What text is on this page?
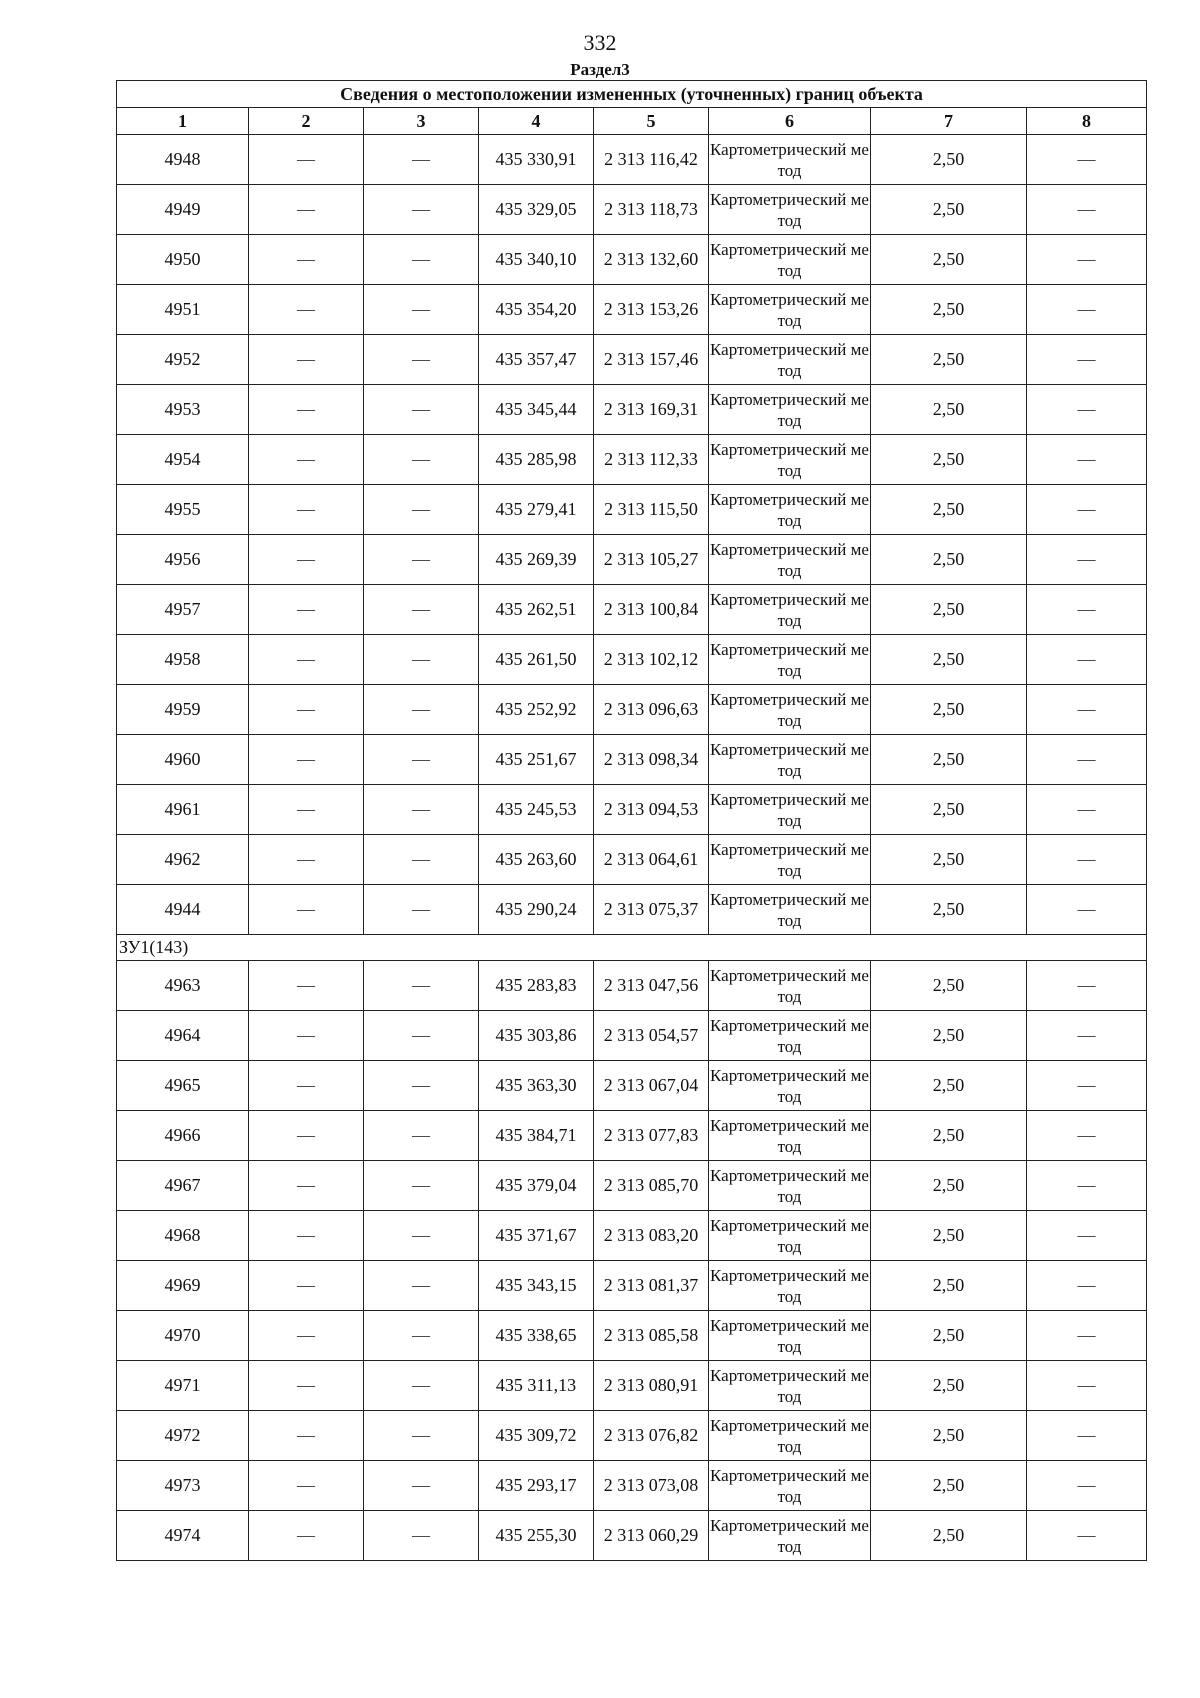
332
Раздел3
Сведения о местоположении измененных (уточненных) границ объекта							
1	2	3	4	5	6	7	8
4948	—	—	435 330,91	2 313 116,42	Картометрический метод	2,50	—
4949	—	—	435 329,05	2 313 118,73	Картометрический метод	2,50	—
4950	—	—	435 340,10	2 313 132,60	Картометрический метод	2,50	—
4951	—	—	435 354,20	2 313 153,26	Картометрический метод	2,50	—
4952	—	—	435 357,47	2 313 157,46	Картометрический метод	2,50	—
4953	—	—	435 345,44	2 313 169,31	Картометрический метод	2,50	—
4954	—	—	435 285,98	2 313 112,33	Картометрический метод	2,50	—
4955	—	—	435 279,41	2 313 115,50	Картометрический метод	2,50	—
4956	—	—	435 269,39	2 313 105,27	Картометрический метод	2,50	—
4957	—	—	435 262,51	2 313 100,84	Картометрический метод	2,50	—
4958	—	—	435 261,50	2 313 102,12	Картометрический метод	2,50	—
4959	—	—	435 252,92	2 313 096,63	Картометрический метод	2,50	—
4960	—	—	435 251,67	2 313 098,34	Картометрический метод	2,50	—
4961	—	—	435 245,53	2 313 094,53	Картометрический метод	2,50	—
4962	—	—	435 263,60	2 313 064,61	Картометрический метод	2,50	—
4944	—	—	435 290,24	2 313 075,37	Картометрический метод	2,50	—
ЗУ1(143)							
4963	—	—	435 283,83	2 313 047,56	Картометрический метод	2,50	—
4964	—	—	435 303,86	2 313 054,57	Картометрический метод	2,50	—
4965	—	—	435 363,30	2 313 067,04	Картометрический метод	2,50	—
4966	—	—	435 384,71	2 313 077,83	Картометрический метод	2,50	—
4967	—	—	435 379,04	2 313 085,70	Картометрический метод	2,50	—
4968	—	—	435 371,67	2 313 083,20	Картометрический метод	2,50	—
4969	—	—	435 343,15	2 313 081,37	Картометрический метод	2,50	—
4970	—	—	435 338,65	2 313 085,58	Картометрический метод	2,50	—
4971	—	—	435 311,13	2 313 080,91	Картометрический метод	2,50	—
4972	—	—	435 309,72	2 313 076,82	Картометрический метод	2,50	—
4973	—	—	435 293,17	2 313 073,08	Картометрический метод	2,50	—
4974	—	—	435 255,30	2 313 060,29	Картометрический метод	2,50	—
